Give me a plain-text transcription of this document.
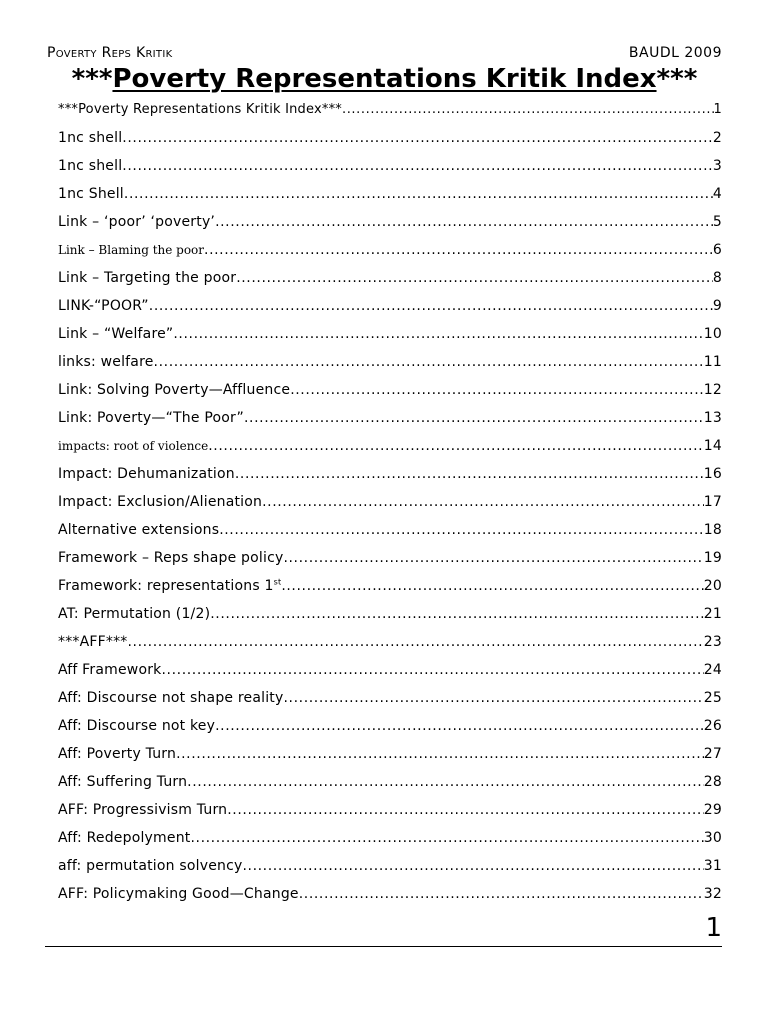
Poverty Reps Kritik	BAUDL 2009
***Poverty Representations Kritik Index***
***Poverty Representations Kritik Index*** .....	1
1nc shell .....	2
1nc shell .....	3
1nc Shell .....	4
Link – ‘poor’ ‘poverty’ .....	5
Link – Blaming the poor .....	6
Link – Targeting the poor .....	8
LINK-“POOR” .....	9
Link – “Welfare” .....	10
links: welfare .....	11
Link: Solving Poverty—Affluence .....	12
Link: Poverty—“The Poor” .....	13
impacts: root of violence .....	14
Impact: Dehumanization .....	16
Impact: Exclusion/Alienation .....	17
Alternative extensions .....	18
Framework – Reps shape policy .....	19
Framework: representations 1st .....	20
AT: Permutation (1/2) .....	21
***AFF*** .....	23
Aff Framework .....	24
Aff: Discourse not shape reality .....	25
Aff: Discourse not key .....	26
Aff: Poverty Turn .....	27
Aff: Suffering Turn .....	28
AFF: Progressivism Turn .....	29
Aff: Redepolyment .....	30
aff: permutation solvency .....	31
AFF: Policymaking Good—Change .....	32
1
